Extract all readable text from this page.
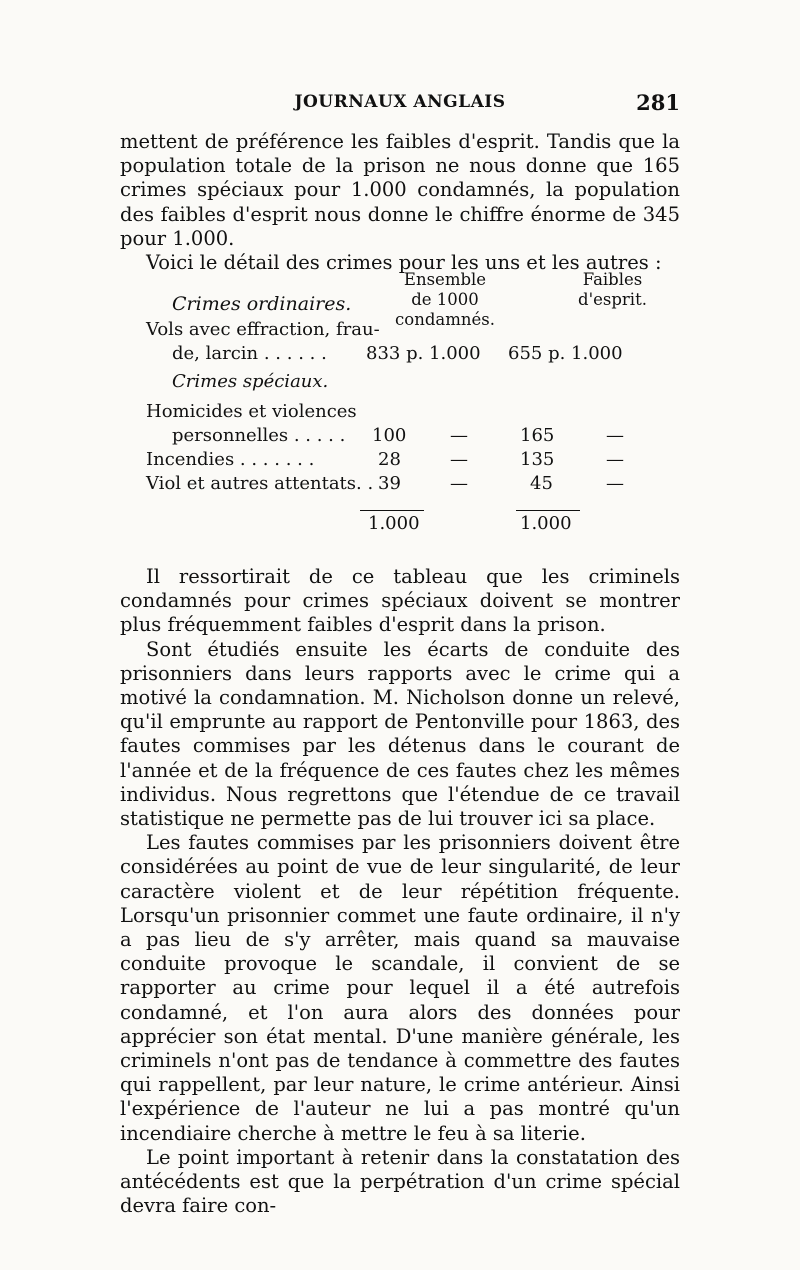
JOURNAUX ANGLAIS	281

mettent de préférence les faibles d'esprit. Tandis que la population totale de la prison ne nous donne que 165 crimes spéciaux pour 1.000 condamnés, la population des faibles d'esprit nous donne le chiffre énorme de 345 pour 1.000.

Voici le détail des crimes pour les uns et les autres :

Crimes ordinaires.
Ensemble
de 1000 condamnés.
Faibles
d'esprit.
Vols avec effraction, frau-
de, larcin . . . . . . 833 p. 1.000 655 p. 1.000
Crimes spéciaux.
Homicides et violences
personnelles . . . . . 100 —	165	—
Incendies . . . . . . .	28	—	135	—
Viol et autres attentats. . 39	—	45	—
1.000	1.000

Il ressortirait de ce tableau que les criminels condamnés pour crimes spéciaux doivent se montrer plus fréquemment faibles d'esprit dans la prison.

Sont étudiés ensuite les écarts de conduite des prisonniers dans leurs rapports avec le crime qui a motivé la condamnation. M. Nicholson donne un relevé, qu'il emprunte au rapport de Pentonville pour 1863, des fautes commises par les détenus dans le courant de l'année et de la fréquence de ces fautes chez les mêmes individus. Nous regrettons que l'étendue de ce travail statistique ne permette pas de lui trouver ici sa place.

Les fautes commises par les prisonniers doivent être considérées au point de vue de leur singularité, de leur caractère violent et de leur répétition fréquente. Lorsqu'un prisonnier commet une faute ordinaire, il n'y a pas lieu de s'y arrêter, mais quand sa mauvaise conduite provoque le scandale, il convient de se rapporter au crime pour lequel il a été autrefois condamné, et l'on aura alors des données pour apprécier son état mental. D'une manière générale, les criminels n'ont pas de tendance à commettre des fautes qui rappellent, par leur nature, le crime antérieur. Ainsi l'expérience de l'auteur ne lui a pas montré qu'un incendiaire cherche à mettre le feu à sa literie.

Le point important à retenir dans la constatation des antécédents est que la perpétration d'un crime spécial devra faire con-
